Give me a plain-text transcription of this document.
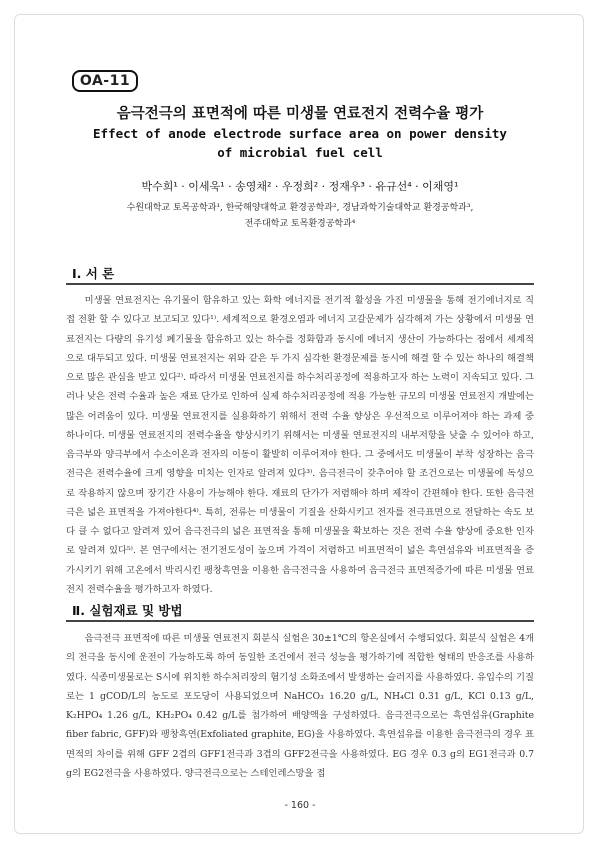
OA-11
음극전극의 표면적에 따른 미생물 연료전지 전력수율 평가
Effect of anode electrode surface area on power density
of microbial fuel cell
박수희¹ · 이세욱¹ · 송영채² · 우정희² · 정재우³ · 유규선⁴ · 이채영¹
수원대학교 토목공학과¹, 한국해양대학교 환경공학과², 경남과학기술대학교 환경공학과³,
전주대학교 토목환경공학과⁴
Ⅰ. 서 론
미생물 연료전지는 유기물이 함유하고 있는 화학 에너지를 전기적 활성을 가진 미생물을 통해 전기에너지로 직접 전환 할 수 있다고 보고되고 있다¹⁾. 세계적으로 환경오염과 에너지 고갈문제가 심각해져 가는 상황에서 미생물 연료전지는 다량의 유기성 폐기물을 함유하고 있는 하수를 정화함과 동시에 에너지 생산이 가능하다는 점에서 세계적으로 대두되고 있다. 미생물 연료전지는 위와 같은 두 가지 심각한 환경문제를 동시에 해결 할 수 있는 하나의 해결책으로 많은 관심을 받고 있다²⁾. 따라서 미생물 연료전지를 하수처리공정에 적용하고자 하는 노력이 지속되고 있다. 그러나 낮은 전력 수율과 높은 재료 단가로 인하여 실제 하수처리공정에 적용 가능한 규모의 미생물 연료전지 개발에는 많은 어려움이 있다. 미생물 연료전지를 실용화하기 위해서 전력 수율 향상은 우선적으로 이루어져야 하는 과제 중 하나이다. 미생물 연료전지의 전력수율을 향상시키기 위해서는 미생물 연료전지의 내부저항을 낮출 수 있어야 하고, 음극부와 양극부에서 수소이온과 전자의 이동이 활발히 이루어져야 한다. 그 중에서도 미생물이 부착 성장하는 음극전극은 전력수율에 크게 영향을 미치는 인자로 알려져 있다³⁾. 음극전극이 갖추어야 할 조건으로는 미생물에 독성으로 작용하지 않으며 장기간 사용이 가능해야 한다. 재료의 단가가 저렴해야 하며 제작이 간편해야 한다. 또한 음극전극은 넓은 표면적을 가져야한다⁴⁾. 특히, 전류는 미생물이 기질을 산화시키고 전자를 전극표면으로 전달하는 속도 보다 클 수 없다고 알려져 있어 음극전극의 넓은 표면적을 통해 미생물을 확보하는 것은 전력 수율 향상에 중요한 인자로 알려져 있다⁵⁾. 본 연구에서는 전기전도성이 높으며 가격이 저렴하고 비표면적이 넓은 흑연섬유와 비표면적을 증가시키기 위해 고온에서 박리시킨 팽창흑연을 이용한 음극전극을 사용하여 음극전극 표면적증가에 따른 미생물 연료전지 전력수율을 평가하고자 하였다.
Ⅱ. 실험재료 및 방법
음극전극 표면적에 따른 미생물 연료전지 회분식 실험은 30±1℃의 항온실에서 수행되었다. 회분식 실험은 4개의 전극을 동시에 운전이 가능하도록 하여 동일한 조건에서 전극 성능을 평가하기에 적합한 형태의 반응조를 사용하였다. 식종미생물로는 S시에 위치한 하수처리장의 혐기성 소화조에서 발생하는 슬러지를 사용하였다. 유입수의 기질로는 1 gCOD/L의 농도로 포도당이 사용되었으며 NaHCO₃ 16.20 g/L, NH₄Cl 0.31 g/L, KCl 0.13 g/L, K₂HPO₄ 1.26 g/L, KH₂PO₄ 0.42 g/L를 첨가하여 배양액을 구성하였다. 음극전극으로는 흑연섬유(Graphite fiber fabric, GFF)와 팽창흑연(Exfoliated graphite, EG)을 사용하였다. 흑연섬유를 이용한 음극전극의 경우 표면적의 차이를 위해 GFF 2겹의 GFF1전극과 3겹의 GFF2전극을 사용하였다. EG 경우 0.3 g의 EG1전극과 0.7 g의 EG2전극을 사용하였다. 양극전극으로는 스테인레스망을 접
- 160 -
